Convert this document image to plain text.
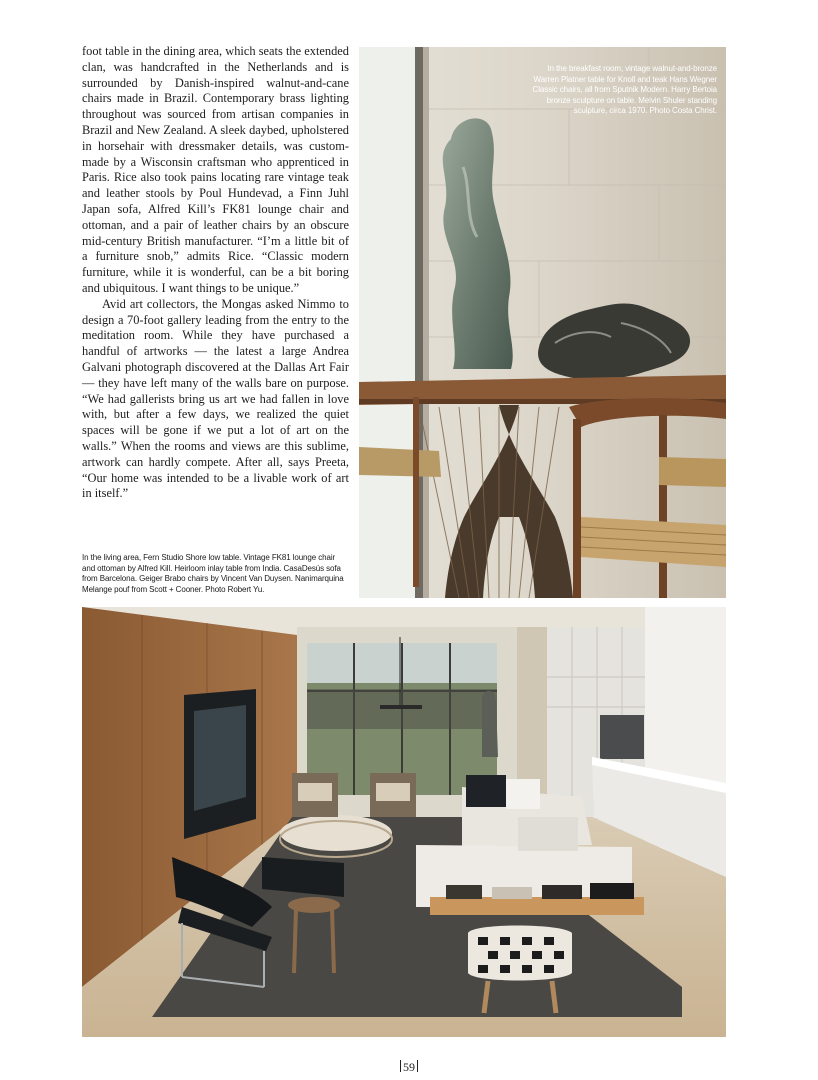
foot table in the dining area, which seats the extended clan, was handcrafted in the Netherlands and is surrounded by Danish-inspired walnut-and-cane chairs made in Brazil. Contemporary brass lighting throughout was sourced from artisan companies in Brazil and New Zealand. A sleek daybed, upholstered in horsehair with dressmaker details, was custom-made by a Wisconsin craftsman who apprenticed in Paris. Rice also took pains locating rare vintage teak and leather stools by Poul Hundevad, a Finn Juhl Japan sofa, Alfred Kill’s FK81 lounge chair and ottoman, and a pair of leather chairs by an obscure mid-century British manufacturer. “I’m a little bit of a furniture snob,” admits Rice. “Classic modern furniture, while it is wonderful, can be a bit boring and ubiquitous. I want things to be unique.”

Avid art collectors, the Mongas asked Nimmo to design a 70-foot gallery leading from the entry to the meditation room. While they have purchased a handful of artworks — the latest a large Andrea Galvani photograph discovered at the Dallas Art Fair — they have left many of the walls bare on purpose. “We had gallerists bring us art we had fallen in love with, but after a few days, we realized the quiet spaces will be gone if we put a lot of art on the walls.” When the rooms and views are this sublime, artwork can hardly compete. After all, says Preeta, “Our home was intended to be a livable work of art in itself.”

In the breakfast room, vintage walnut-and-bronze Warren Platner table for Knoll and teak Hans Wegner Classic chairs, all from Sputnik Modern. Harry Bertoia bronze sculpture on table. Melvin Shuler standing sculpture, circa 1970. Photo Costa Christ.
In the living area, Fern Studio Shore low table. Vintage FK81 lounge chair and ottoman by Alfred Kill. Heirloom inlay table from India. CasaDesús sofa from Barcelona. Geiger Brabo chairs by Vincent Van Duysen. Nanimarquina Melange pouf from Scott + Cooner. Photo Robert Yu.
59
